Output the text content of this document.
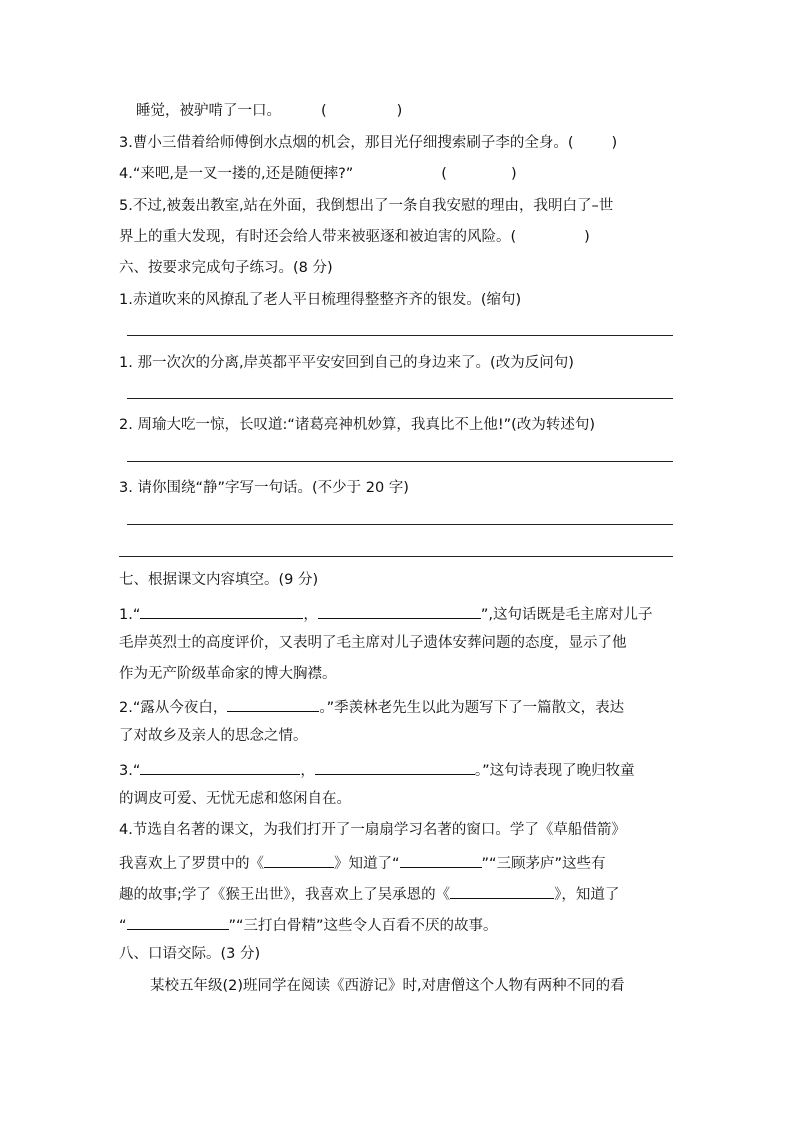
睡觉，被驴啃了一口。	(	)
3.曹小三借着给师傅倒水点烟的机会，那目光仔细搜索刷子李的全身。(	)
4.“来吧,是一叉一搂的,还是随便摔?”	(	)
5.不过,被轰出教室,站在外面，我倒想出了一条自我安慰的理由，我明白了–世
界上的重大发现，有时还会给人带来被驱逐和被迫害的风险。(	)
六、按要求完成句子练习。(8 分)
1.赤道吹来的风撩乱了老人平日梳理得整整齐齐的银发。(缩句)
1. 那一次次的分离,岸英都平平安安回到自己的身边来了。(改为反问句)
2. 周瑜大吃一惊，长叹道:“诸葛亮神机妙算，我真比不上他!”(改为转述句)
3. 请你围绕“静”字写一句话。(不少于 20 字)
七、根据课文内容填空。(9 分)
1.“	，	”,这句话既是毛主席对儿子
毛岸英烈士的高度评价，又表明了毛主席对儿子遗体安葬问题的态度，显示了他
作为无产阶级革命家的博大胸襟。
2.“露从今夜白，	。”季羡林老先生以此为题写下了一篇散文，表达
了对故乡及亲人的思念之情。
3.“	，	。”这句诗表现了晚归牧童
的调皮可爱、无忧无虑和悠闲自在。
4.节选自名著的课文，为我们打开了一扇扇学习名著的窗口。学了《草船借箭》
我喜欢上了罗贯中的《	》知道了“	”“三顾茅庐”这些有
趣的故事;学了《猴王出世》，我喜欢上了吴承恩的《	》，知道了
“	”“三打白骨精”这些令人百看不厌的故事。
八、口语交际。(3 分)
某校五年级(2)班同学在阅读《西游记》时,对唐僧这个人物有两种不同的看
